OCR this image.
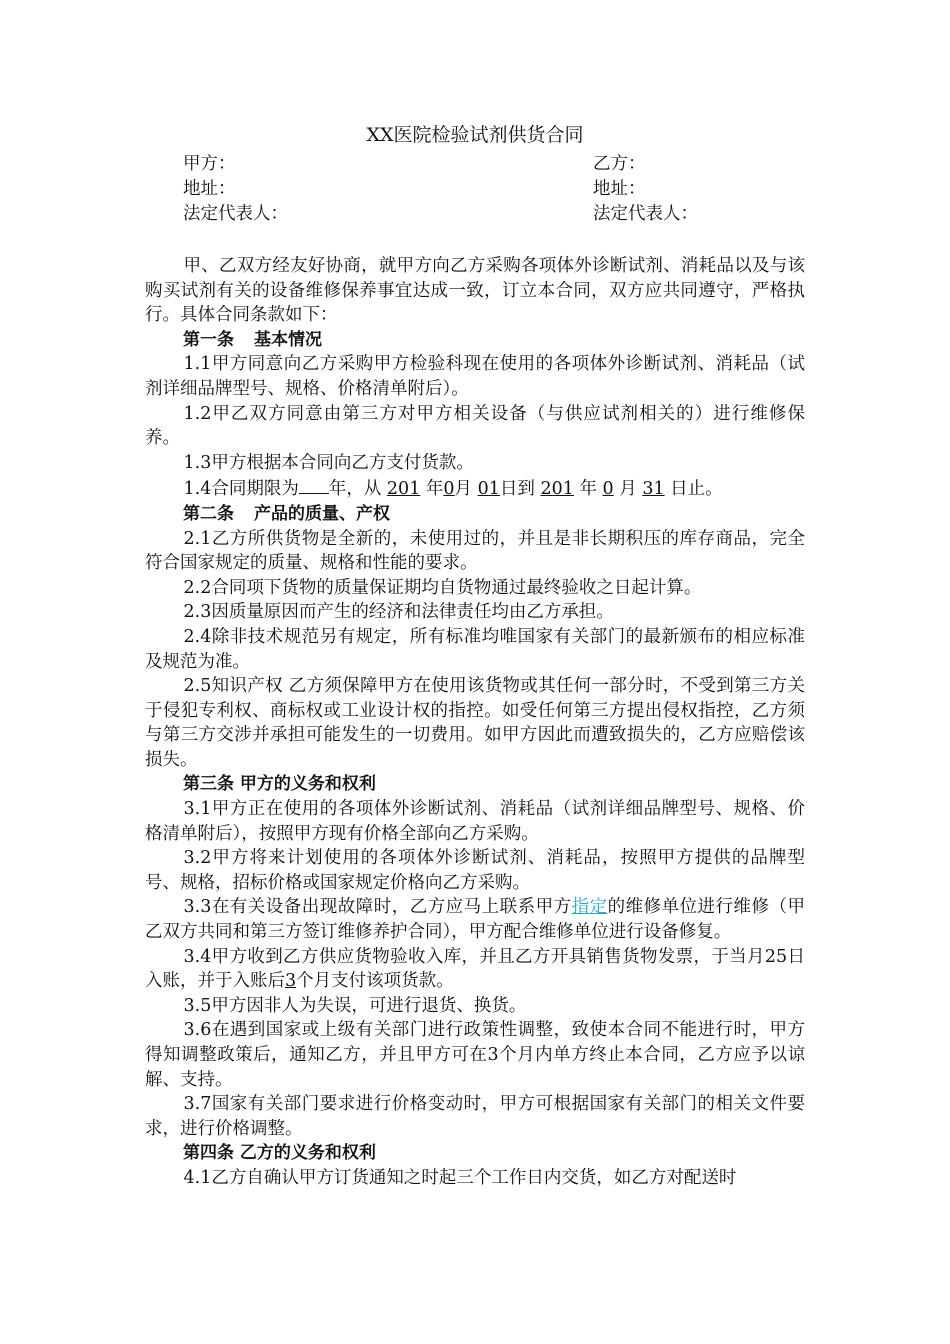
XX医院检验试剂供货合同
甲方：	乙方：
地址：	地址：
法定代表人：	法定代表人：

甲、乙双方经友好协商，就甲方向乙方采购各项体外诊断试剂、消耗品以及与该购买试剂有关的设备维修保养事宜达成一致，订立本合同，双方应共同遵守，严格执行。具体合同条款如下：

第一条 基本情况

1.1甲方同意向乙方采购甲方检验科现在使用的各项体外诊断试剂、消耗品（试剂详细品牌型号、规格、价格清单附后）。

1.2甲乙双方同意由第三方对甲方相关设备（与供应试剂相关的）进行维修保养。

1.3甲方根据本合同向乙方支付货款。

1.4合同期限为 年，从 201 年0月 01日到 201 年 0 月 31 日止。

第二条 产品的质量、产权

2.1乙方所供货物是全新的，未使用过的，并且是非长期积压的库存商品，完全符合国家规定的质量、规格和性能的要求。

2.2合同项下货物的质量保证期均自货物通过最终验收之日起计算。

2.3因质量原因而产生的经济和法律责任均由乙方承担。

2.4除非技术规范另有规定，所有标准均唯国家有关部门的最新颁布的相应标准及规范为准。

2.5知识产权 乙方须保障甲方在使用该货物或其任何一部分时，不受到第三方关于侵犯专利权、商标权或工业设计权的指控。如受任何第三方提出侵权指控，乙方须与第三方交涉并承担可能发生的一切费用。如甲方因此而遭致损失的，乙方应赔偿该损失。

第三条 甲方的义务和权利

3.1甲方正在使用的各项体外诊断试剂、消耗品（试剂详细品牌型号、规格、价格清单附后），按照甲方现有价格全部向乙方采购。

3.2甲方将来计划使用的各项体外诊断试剂、消耗品，按照甲方提供的品牌型号、规格，招标价格或国家规定价格向乙方采购。

3.3在有关设备出现故障时，乙方应马上联系甲方指定的维修单位进行维修（甲乙双方共同和第三方签订维修养护合同），甲方配合维修单位进行设备修复。

3.4甲方收到乙方供应货物验收入库，并且乙方开具销售货物发票，于当月25日入账，并于入账后3个月支付该项货款。

3.5甲方因非人为失误，可进行退货、换货。

3.6在遇到国家或上级有关部门进行政策性调整，致使本合同不能进行时，甲方得知调整政策后，通知乙方，并且甲方可在3个月内单方终止本合同，乙方应予以谅解、支持。

3.7国家有关部门要求进行价格变动时，甲方可根据国家有关部门的相关文件要求，进行价格调整。

第四条 乙方的义务和权利

4.1乙方自确认甲方订货通知之时起三个工作日内交货，如乙方对配送时
